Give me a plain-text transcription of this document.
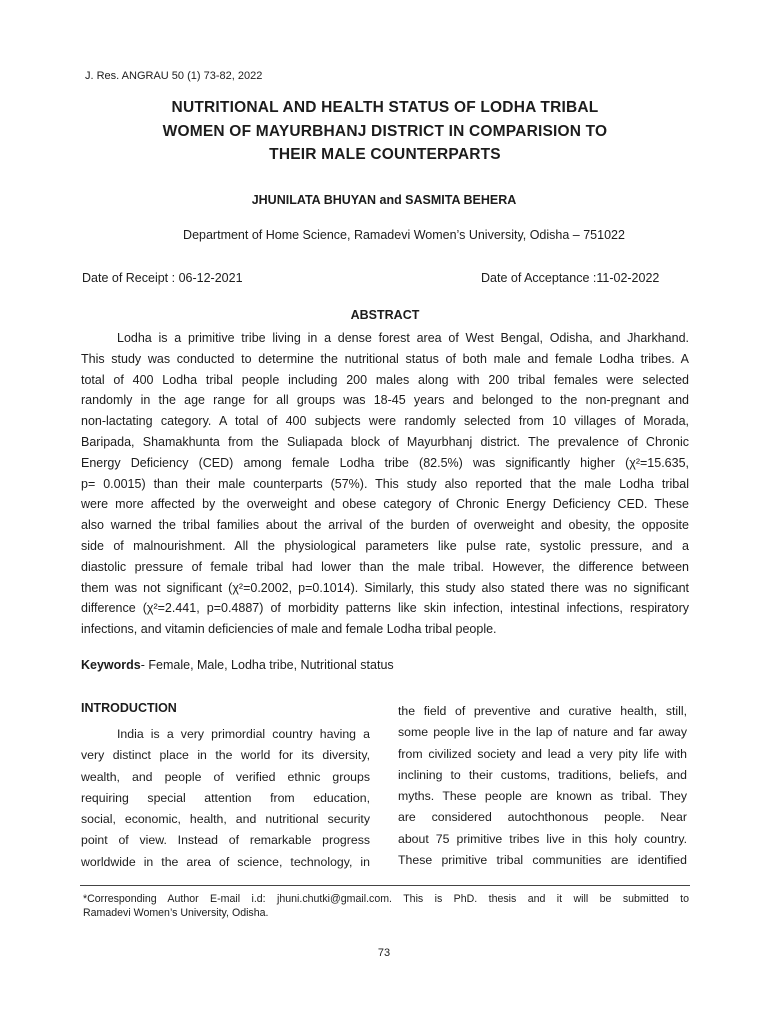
J. Res. ANGRAU 50 (1) 73-82, 2022
NUTRITIONAL AND HEALTH STATUS OF LODHA TRIBAL
WOMEN OF MAYURBHANJ DISTRICT IN COMPARISION TO
THEIR MALE COUNTERPARTS
JHUNILATA BHUYAN and SASMITA BEHERA
Department of Home Science, Ramadevi Women’s University, Odisha – 751022
Date of Receipt : 06-12-2021	Date of Acceptance :11-02-2022
ABSTRACT
Lodha is a primitive tribe living in a dense forest area of West Bengal, Odisha, and Jharkhand.
This study was conducted to determine the nutritional status of both male and female Lodha tribes. A
total of 400 Lodha tribal people including 200 males along with 200 tribal females were selected
randomly in the age range for all groups was 18-45 years and belonged to the non-pregnant and
non-lactating category. A total of 400 subjects were randomly selected from 10 villages of Morada,
Baripada, Shamakhunta from the Suliapada block of Mayurbhanj district. The prevalence of Chronic
Energy Deficiency (CED) among female Lodha tribe (82.5%) was significantly higher (χ²=15.635,
p= 0.0015) than their male counterparts (57%). This study also reported that the male Lodha tribal
were more affected by the overweight and obese category of Chronic Energy Deficiency CED. These
also warned the tribal families about the arrival of the burden of overweight and obesity, the opposite
side of malnourishment. All the physiological parameters like pulse rate, systolic pressure, and a
diastolic pressure of female tribal had lower than the male tribal. However, the difference between
them was not significant (χ²=0.2002, p=0.1014). Similarly, this study also stated there was no significant
difference (χ²=2.441, p=0.4887) of morbidity patterns like skin infection, intestinal infections, respiratory
infections, and vitamin deficiencies of male and female Lodha tribal people.
Keywords- Female, Male, Lodha tribe, Nutritional status
INTRODUCTION
India is a very primordial country having a
very distinct place in the world for its diversity,
wealth, and people of verified ethnic groups
requiring special attention from education,
social, economic, health, and nutritional security
point of view. Instead of remarkable progress
worldwide in the area of science, technology, in
the field of preventive and curative health, still,
some people live in the lap of nature and far away
from civilized society and lead a very pity life with
inclining to their customs, traditions, beliefs, and
myths. These people are known as tribal. They
are considered autochthonous people. Near
about 75 primitive tribes live in this holy country.
These primitive tribal communities are identified
*Corresponding Author E-mail i.d: jhuni.chutki@gmail.com. This is PhD. thesis and it will be submitted to
Ramadevi Women’s University, Odisha.
73
